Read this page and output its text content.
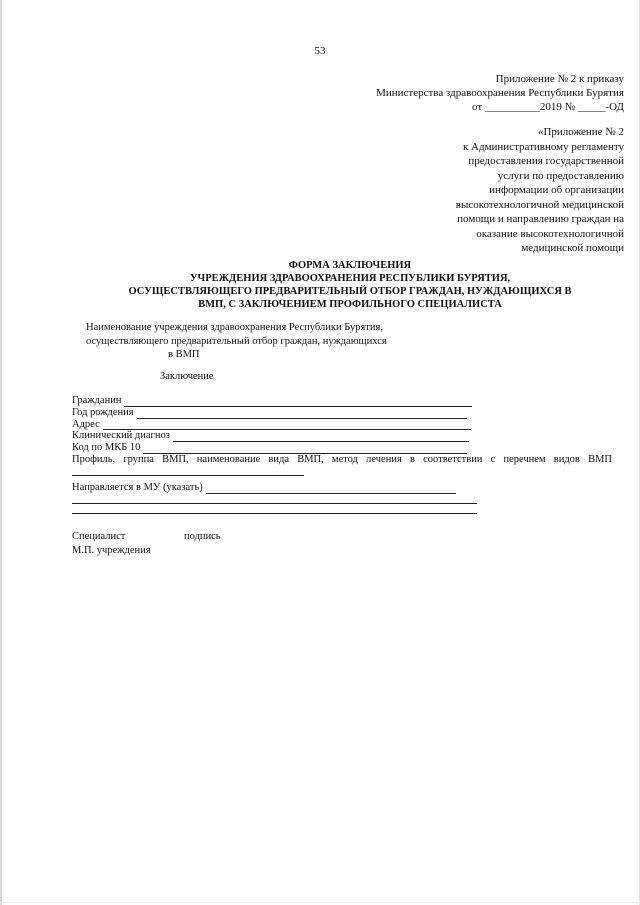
53
Приложение № 2 к приказу
Министерства здравоохранения Республики Бурятия
от __________2019 № _____-ОД
«Приложение № 2
к Административному регламенту
предоставления государственной
услуги по предоставлению
информации об организации
высокотехнологичной медицинской
помощи и направлению граждан на
оказание высокотехнологичной
медицинской помощи
ФОРМА ЗАКЛЮЧЕНИЯ
УЧРЕЖДЕНИЯ ЗДРАВООХРАНЕНИЯ РЕСПУБЛИКИ БУРЯТИЯ,
ОСУЩЕСТВЛЯЮЩЕГО ПРЕДВАРИТЕЛЬНЫЙ ОТБОР ГРАЖДАН, НУЖДАЮЩИХСЯ В
ВМП, С ЗАКЛЮЧЕНИЕМ ПРОФИЛЬНОГО СПЕЦИАЛИСТА
Наименование учреждения здравоохранения Республики Бурятия,
осуществляющего предварительный отбор граждан, нуждающихся
в ВМП
Заключение
Гражданин
Год рождения
Адрес
Клинический диагноз
Код по МКБ 10
Профиль, группа ВМП, наименование вида ВМП, метод лечения в соответствии с перечнем видов ВМП
Направляется в МУ (указать)
Специалист	подпись
М.П. учреждения
